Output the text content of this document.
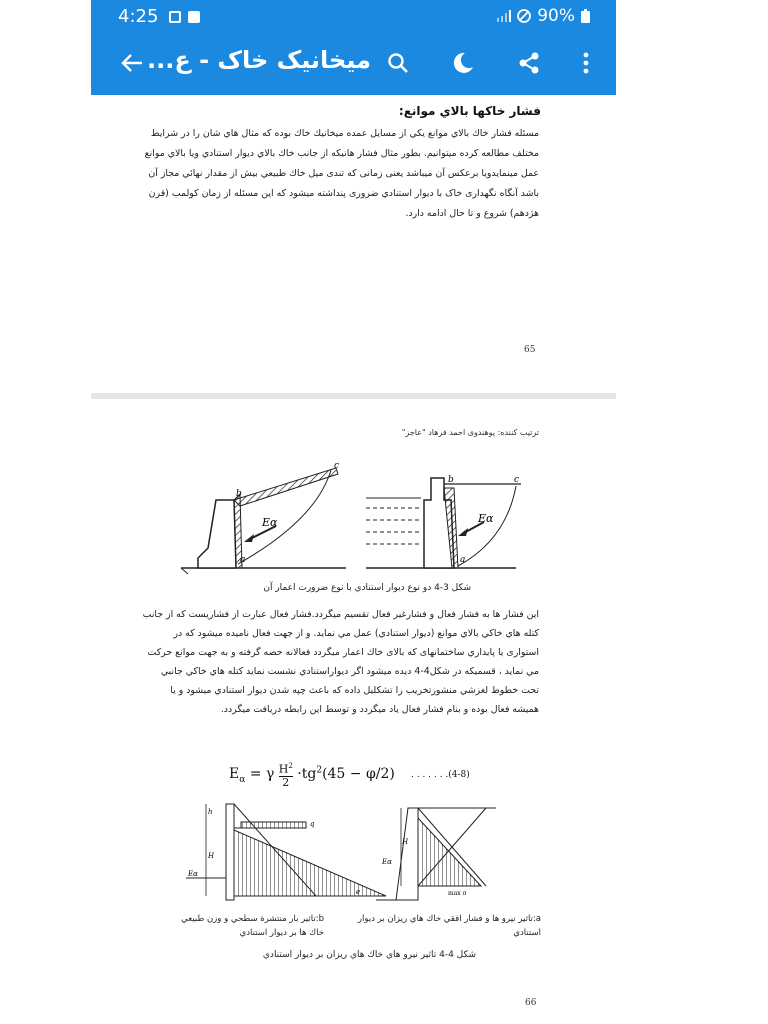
فشار خاکها بالاي موانع:
مسئله فشار خاك بالاي موانع يكي از مسايل عمده ميخانيك خاك بوده كه مثال هاي شان را در شرايط مختلف مطالعه كرده ميتوانيم. بطور مثال فشار هانيكه از جانب خاك بالاي ديوار استنادي ويا بالاي موانع عمل مينمايدويا برعكس آن ميباشد يعنى زمانى كه تندى ميل خاك طبيعي بيش از مقدار نهائي مجاز آن باشد آنگاه نگهداری خاک با ديوار استنادي ضرورى پنداشته ميشود كه اين مسئله از زمان كولمب (قرن هژدهم) شروع و تا حال ادامه دارد.
65
ترتيب كننده: پوهندوى احمد فرهاد "عاجز"
Eα
b
c
a
Eα
b	c
a
شكل 3-4 دو نوع ديوار استنادي با نوع ضرورت اعمار آن
اين فشار ها به فشار فعال و فشارغير فعال تقسيم ميگردد.فشار فعال عبارت از فشاريست كه از جانب كتله هاي خاكي بالاي موانع (ديوار استنادي) عمل مي نمايد. و از جهت فعال ناميده ميشود كه در استوارى يا پايداري ساختمانهاى كه بالاى خاك اعمار ميگردد فعالانه حصه گرفته و به جهت موانع حركت مي نمايد ، قسميكه در شكل4-4 ديده ميشود اگر ديواراستنادي نشست نمايد كتله هاي خاكي جانبي تحت خطوط لغزشي منشورتخريب را تشكليل داده كه باعث چپه شدن ديوار استنادي ميشود و يا هميشه فعال بوده و بنام فشار فعال ياد ميگردد و توسط اين رابطه دريافت ميگردد.
$E_\alpha = \gamma \frac{H^2}{2} \cdot tg^2(45 - \varphi/2)$ . . . . . . .(4-8)
h
H
Eα
q
e
H
Eα
max σ
a:تاثير نيرو ها و فشار افقي خاك هاي ريزان بر ديوار استنادي
b:تاثير بار منتشرة سطحي و وزن طبيعي خاك ها بر ديوار استنادي
شكل 4-4 تاثير نيرو هاي خاك هاي ريزان بر ديوار استنادي
66
4:25	90%
میخانیک خاک - ع...
